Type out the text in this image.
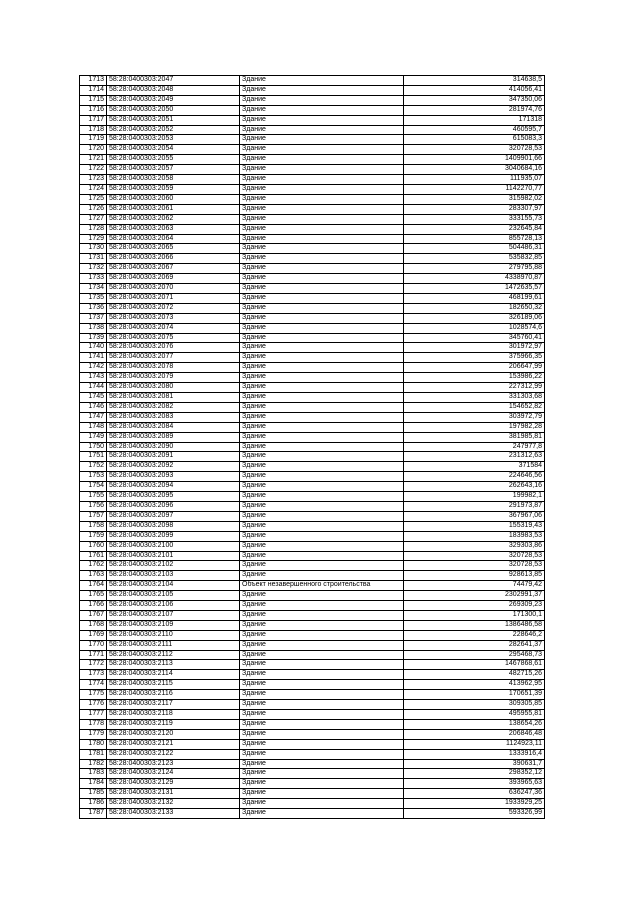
1713	58:28:0400303:2047	Здание	314638,5
1714	58:28:0400303:2048	Здание	414056,41
1715	58:28:0400303:2049	Здание	347350,06
1716	58:28:0400303:2050	Здание	281974,76
1717	58:28:0400303:2051	Здание	171318
1718	58:28:0400303:2052	Здание	460595,7
1719	58:28:0400303:2053	Здание	615083,3
1720	58:28:0400303:2054	Здание	320728,53
1721	58:28:0400303:2055	Здание	1409901,66
1722	58:28:0400303:2057	Здание	3040684,16
1723	58:28:0400303:2058	Здание	111935,07
1724	58:28:0400303:2059	Здание	1142270,77
1725	58:28:0400303:2060	Здание	315982,02
1726	58:28:0400303:2061	Здание	283307,97
1727	58:28:0400303:2062	Здание	333155,73
1728	58:28:0400303:2063	Здание	232645,84
1729	58:28:0400303:2064	Здание	855728,13
1730	58:28:0400303:2065	Здание	504486,31
1731	58:28:0400303:2066	Здание	535832,85
1732	58:28:0400303:2067	Здание	279795,88
1733	58:28:0400303:2069	Здание	4338970,87
1734	58:28:0400303:2070	Здание	1472635,57
1735	58:28:0400303:2071	Здание	468199,61
1736	58:28:0400303:2072	Здание	182650,32
1737	58:28:0400303:2073	Здание	326189,06
1738	58:28:0400303:2074	Здание	1028574,6
1739	58:28:0400303:2075	Здание	345760,41
1740	58:28:0400303:2076	Здание	301972,97
1741	58:28:0400303:2077	Здание	375966,35
1742	58:28:0400303:2078	Здание	206647,99
1743	58:28:0400303:2079	Здание	153986,22
1744	58:28:0400303:2080	Здание	227312,99
1745	58:28:0400303:2081	Здание	331303,68
1746	58:28:0400303:2082	Здание	154652,82
1747	58:28:0400303:2083	Здание	303972,79
1748	58:28:0400303:2084	Здание	197982,28
1749	58:28:0400303:2089	Здание	381985,81
1750	58:28:0400303:2090	Здание	247977,8
1751	58:28:0400303:2091	Здание	231312,63
1752	58:28:0400303:2092	Здание	371584
1753	58:28:0400303:2093	Здание	224646,56
1754	58:28:0400303:2094	Здание	262643,16
1755	58:28:0400303:2095	Здание	199982,1
1756	58:28:0400303:2096	Здание	291973,87
1757	58:28:0400303:2097	Здание	367967,06
1758	58:28:0400303:2098	Здание	155319,43
1759	58:28:0400303:2099	Здание	183983,53
1760	58:28:0400303:2100	Здание	329303,86
1761	58:28:0400303:2101	Здание	320728,53
1762	58:28:0400303:2102	Здание	320728,53
1763	58:28:0400303:2103	Здание	928613,85
1764	58:28:0400303:2104	Объект незавершенного строительства	74479,42
1765	58:28:0400303:2105	Здание	2302991,37
1766	58:28:0400303:2106	Здание	269309,23
1767	58:28:0400303:2107	Здание	171300,1
1768	58:28:0400303:2109	Здание	1386486,58
1769	58:28:0400303:2110	Здание	228646,2
1770	58:28:0400303:2111	Здание	282641,37
1771	58:28:0400303:2112	Здание	295468,73
1772	58:28:0400303:2113	Здание	1467868,61
1773	58:28:0400303:2114	Здание	482715,26
1774	58:28:0400303:2115	Здание	413962,95
1775	58:28:0400303:2116	Здание	170651,39
1776	58:28:0400303:2117	Здание	309305,85
1777	58:28:0400303:2118	Здание	495955,81
1778	58:28:0400303:2119	Здание	138654,26
1779	58:28:0400303:2120	Здание	206846,48
1780	58:28:0400303:2121	Здание	1124923,11
1781	58:28:0400303:2122	Здание	1333916,4
1782	58:28:0400303:2123	Здание	390631,7
1783	58:28:0400303:2124	Здание	298352,12
1784	58:28:0400303:2129	Здание	393965,63
1785	58:28:0400303:2131	Здание	636247,36
1786	58:28:0400303:2132	Здание	1933929,25
1787	58:28:0400303:2133	Здание	593326,99
